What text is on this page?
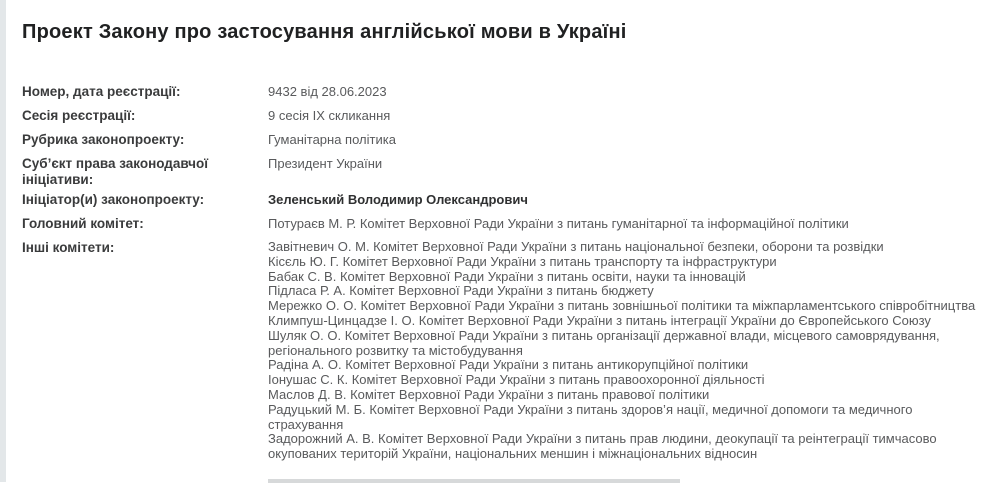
Проект Закону про застосування англійської мови в Україні
Номер, дата реєстрації:	9432 від 28.06.2023
Сесія реєстрації:	9 сесія IX скликання
Рубрика законопроекту:	Гуманітарна політика
Суб’єкт права законодавчої ініціативи:
Президент України
Ініціатор(и) законопроекту:	Зеленський Володимир Олександрович
Головний комітет:	Потураєв М. Р. Комітет Верховної Ради України з питань гуманітарної та інформаційної політики
Інші комітети:	Завітневич О. М. Комітет Верховної Ради України з питань національної безпеки, оборони та розвідки
Кісєль Ю. Г. Комітет Верховної Ради України з питань транспорту та інфраструктури
Бабак С. В. Комітет Верховної Ради України з питань освіти, науки та інновацій
Підласа Р. А. Комітет Верховної Ради України з питань бюджету
Мережко О. О. Комітет Верховної Ради України з питань зовнішньої політики та міжпарламентського співробітництва
Климпуш-Цинцадзе І. О. Комітет Верховної Ради України з питань інтеграції України до Європейського Союзу
Шуляк О. О. Комітет Верховної Ради України з питань організації державної влади, місцевого самоврядування, регіонального розвитку та містобудування
Радіна А. О. Комітет Верховної Ради України з питань антикорупційної політики
Іонушас С. К. Комітет Верховної Ради України з питань правоохоронної діяльності
Маслов Д. В. Комітет Верховної Ради України з питань правової політики
Радуцький М. Б. Комітет Верховної Ради України з питань здоров’я нації, медичної допомоги та медичного страхування
Задорожний А. В. Комітет Верховної Ради України з питань прав людини, деокупації та реінтеграції тимчасово окупованих територій України, національних меншин і міжнаціональних відносин
